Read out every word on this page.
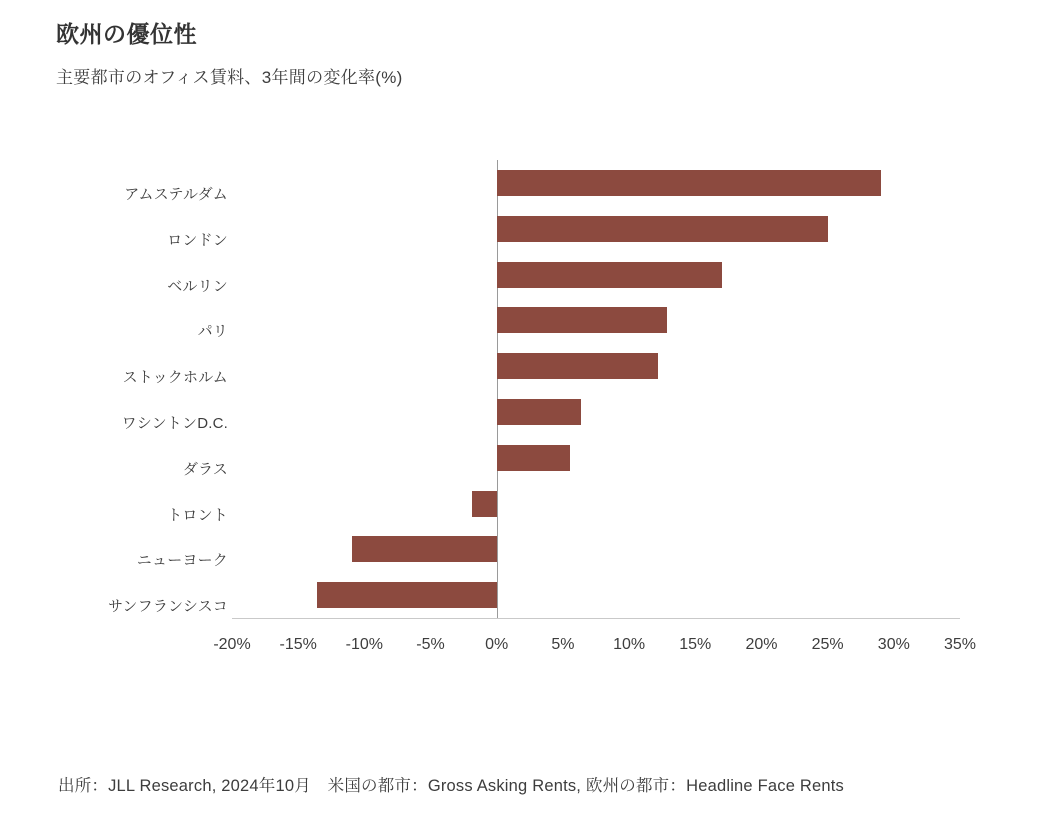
欧州の優位性
主要都市のオフィス賃料、3年間の変化率(%)
アムステルダム
ロンドン
ベルリン
パリ
ストックホルム
ワシントンD.C.
ダラス
トロント
ニューヨーク
サンフランシスコ
-20%	-15%	-10%	-5%	0%	5%	10%	15%	20%	25%	30%	35%
出所：JLL Research, 2024年10月　米国の都市：Gross Asking Rents, 欧州の都市：Headline Face Rents
